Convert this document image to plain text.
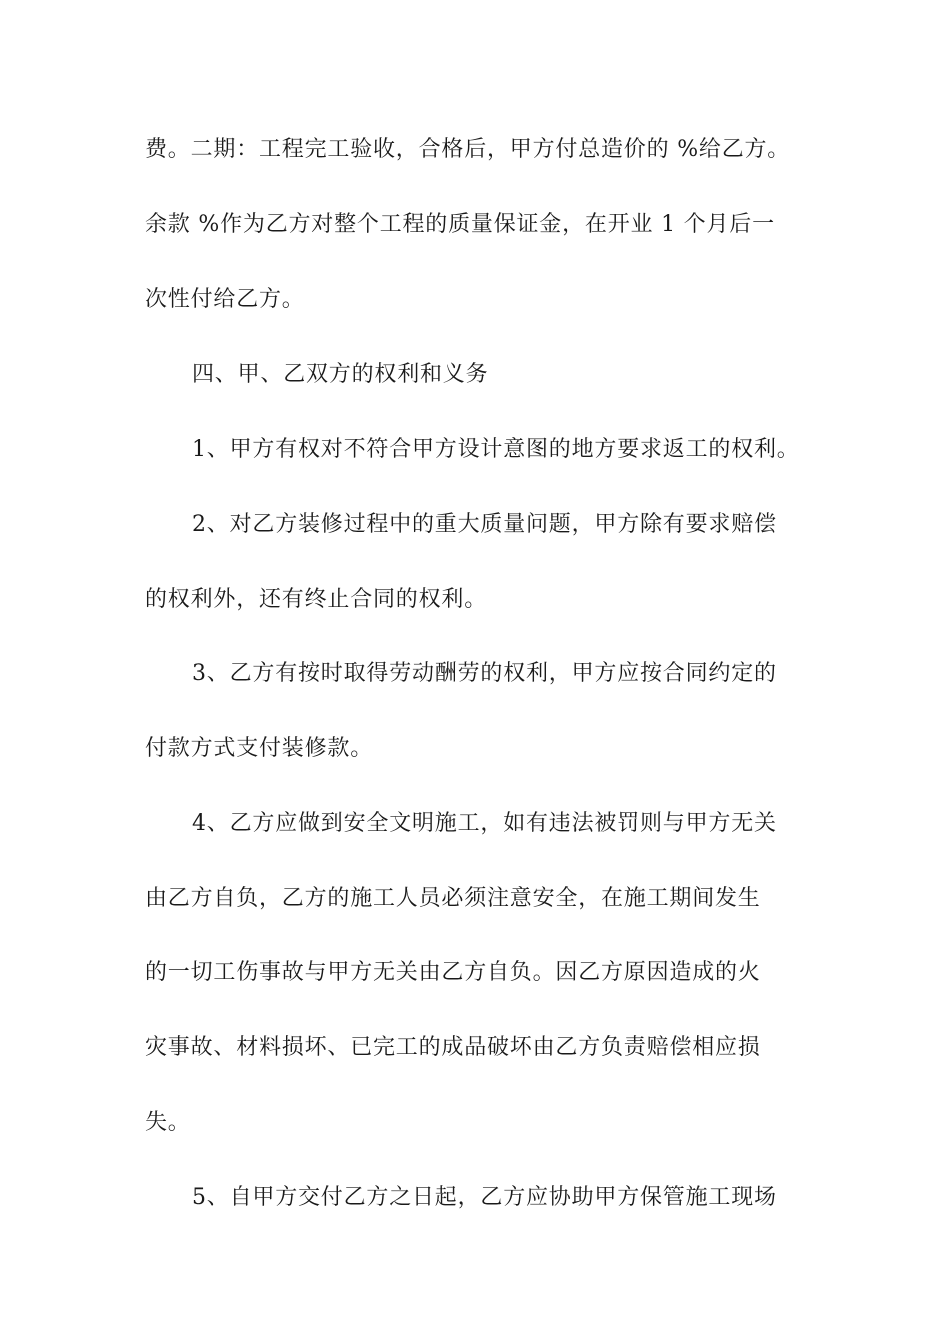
费。二期：工程完工验收，合格后，甲方付总造价的 %给乙方。
余款 %作为乙方对整个工程的质量保证金，在开业 1 个月后一
次性付给乙方。
四、甲、乙双方的权利和义务
1、甲方有权对不符合甲方设计意图的地方要求返工的权利。
2、对乙方装修过程中的重大质量问题，甲方除有要求赔偿
的权利外，还有终止合同的权利。
3、乙方有按时取得劳动酬劳的权利，甲方应按合同约定的
付款方式支付装修款。
4、乙方应做到安全文明施工，如有违法被罚则与甲方无关
由乙方自负，乙方的施工人员必须注意安全，在施工期间发生
的一切工伤事故与甲方无关由乙方自负。因乙方原因造成的火
灾事故、材料损坏、已完工的成品破坏由乙方负责赔偿相应损
失。
5、自甲方交付乙方之日起，乙方应协助甲方保管施工现场
